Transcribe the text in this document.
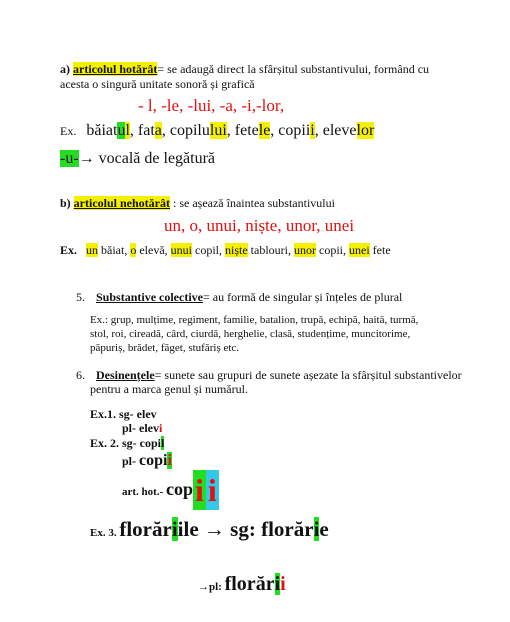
a) articolul hotărât= se adaugă direct la sfârșitul substantivului, formând cu
acesta o singură unitate sonoră și grafică
- l, -le, -lui, -a, -i,-lor,
Ex. băiatul, fata, copilului, fetele, copiii, elevelor
-u-→ vocală de legătură
b) articolul nehotărât : se așează înaintea substantivului
un, o, unui, niște, unor, unei
Ex. un băiat, o elevă, unui copil, niște tablouri, unor copii, unei fete
5. Substantive colective= au formă de singular și înțeles de plural
Ex.: grup, mulțime, regiment, familie, batalion, trupă, echipă, haită, turmă,
stol, roi, cireadă, cârd, ciurdă, herghelie, clasă, studențime, muncitorime,
păpuriș, brădet, făget, stufăriș etc.
6. Desinențele= sunete sau grupuri de sunete așezate la sfârșitul substantivelor
pentru a marca genul și numărul.
Ex.1. sg- elev
pl- elevi
Ex. 2. sg- copil
pl- copii
$^{art. hot.-}$ copi i
Ex. 3. florăriile → sg: florărie
→pl: florării
